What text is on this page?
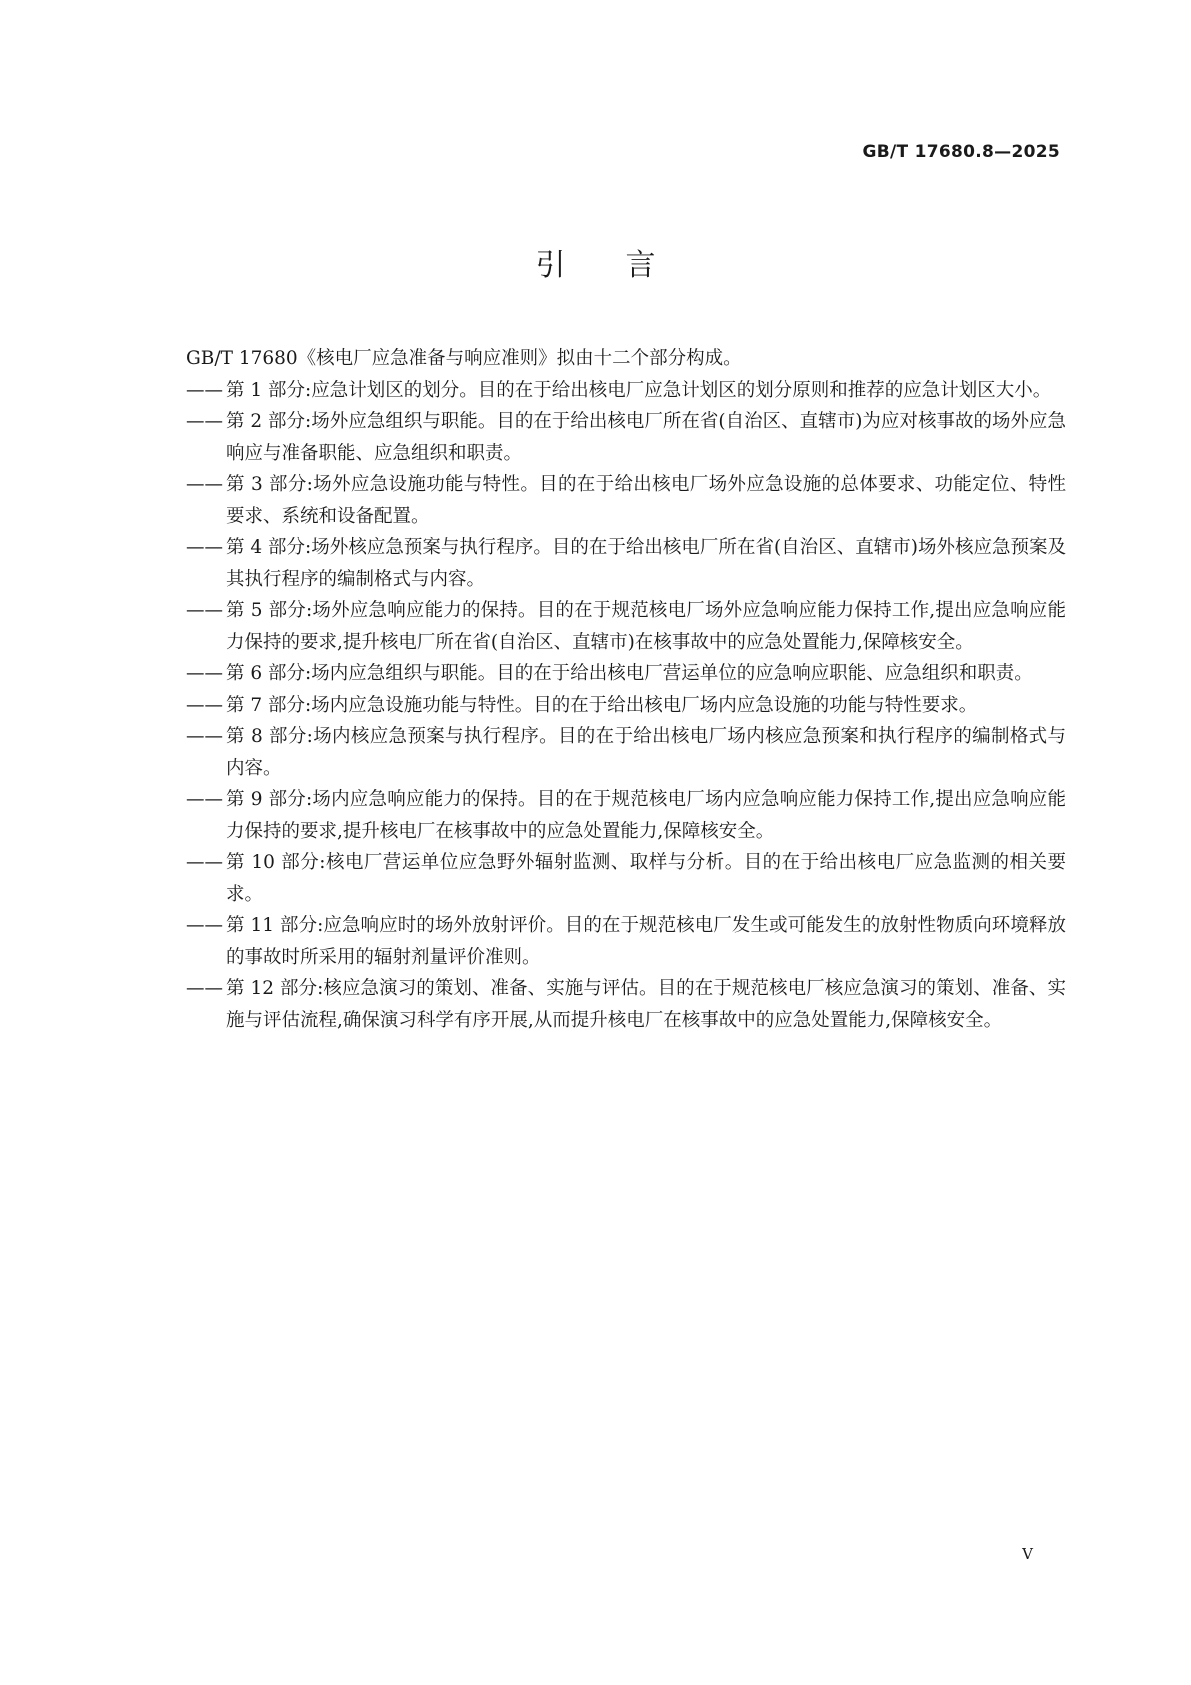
GB/T 17680.8—2025
引言

GB/T 17680《核电厂应急准备与响应准则》拟由十二个部分构成。

—— 第 1 部分:应急计划区的划分。目的在于给出核电厂应急计划区的划分原则和推荐的应急计划区大小。
—— 第 2 部分:场外应急组织与职能。目的在于给出核电厂所在省(自治区、直辖市)为应对核事故的场外应急响应与准备职能、应急组织和职责。
—— 第 3 部分:场外应急设施功能与特性。目的在于给出核电厂场外应急设施的总体要求、功能定位、特性要求、系统和设备配置。
—— 第 4 部分:场外核应急预案与执行程序。目的在于给出核电厂所在省(自治区、直辖市)场外核应急预案及其执行程序的编制格式与内容。
—— 第 5 部分:场外应急响应能力的保持。目的在于规范核电厂场外应急响应能力保持工作,提出应急响应能力保持的要求,提升核电厂所在省(自治区、直辖市)在核事故中的应急处置能力,保障核安全。
—— 第 6 部分:场内应急组织与职能。目的在于给出核电厂营运单位的应急响应职能、应急组织和职责。
—— 第 7 部分:场内应急设施功能与特性。目的在于给出核电厂场内应急设施的功能与特性要求。
—— 第 8 部分:场内核应急预案与执行程序。目的在于给出核电厂场内核应急预案和执行程序的编制格式与内容。
—— 第 9 部分:场内应急响应能力的保持。目的在于规范核电厂场内应急响应能力保持工作,提出应急响应能力保持的要求,提升核电厂在核事故中的应急处置能力,保障核安全。
—— 第 10 部分:核电厂营运单位应急野外辐射监测、取样与分析。目的在于给出核电厂应急监测的相关要求。
—— 第 11 部分:应急响应时的场外放射评价。目的在于规范核电厂发生或可能发生的放射性物质向环境释放的事故时所采用的辐射剂量评价准则。
—— 第 12 部分:核应急演习的策划、准备、实施与评估。目的在于规范核电厂核应急演习的策划、准备、实施与评估流程,确保演习科学有序开展,从而提升核电厂在核事故中的应急处置能力,保障核安全。
V
